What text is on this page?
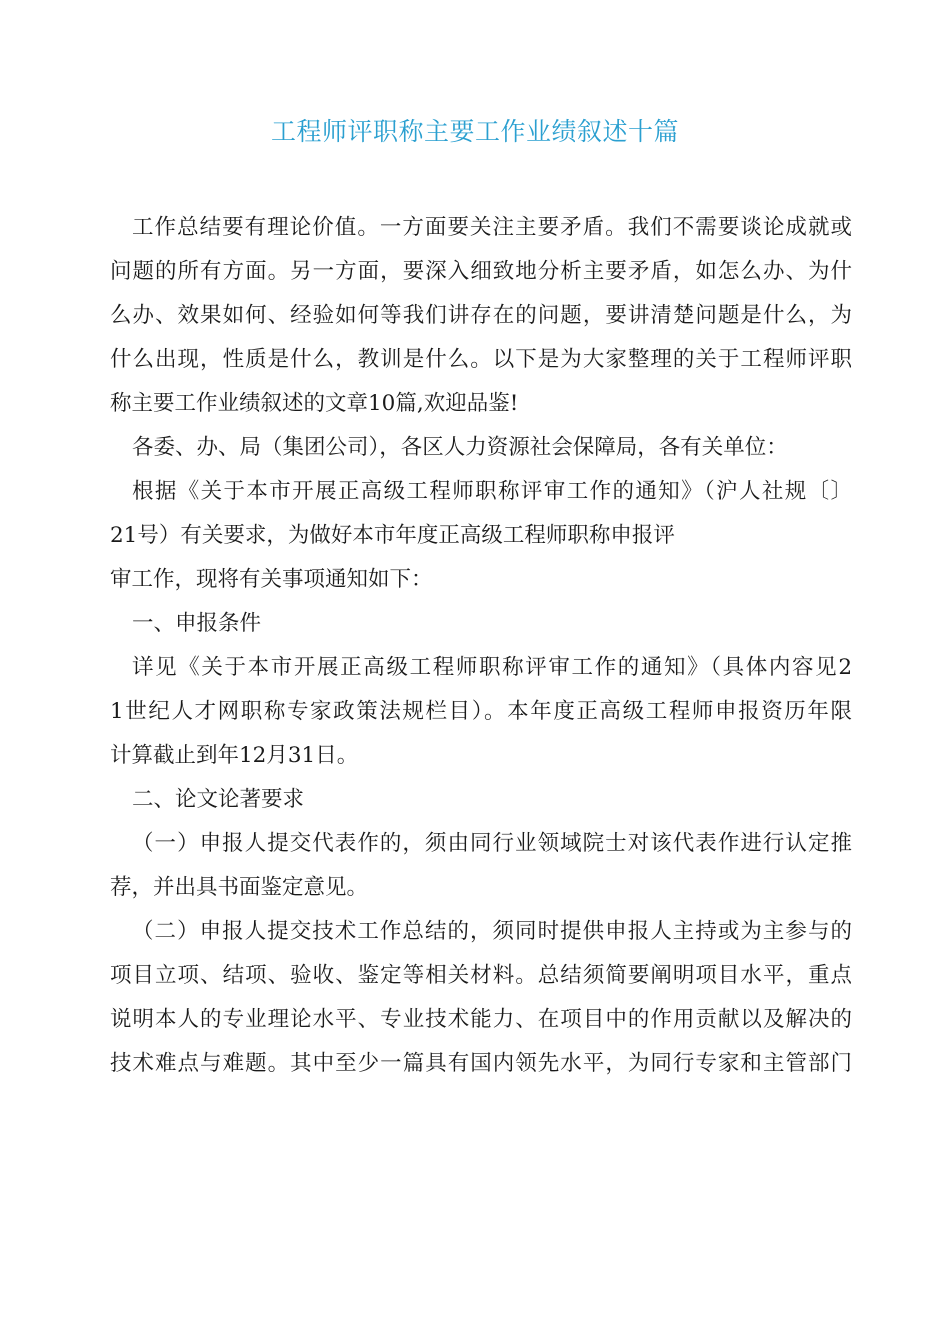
工程师评职称主要工作业绩叙述十篇
工作总结要有理论价值。一方面要关注主要矛盾。我们不需要谈论成就或
问题的所有方面。另一方面，要深入细致地分析主要矛盾，如怎么办、为什
么办、效果如何、经验如何等我们讲存在的问题，要讲清楚问题是什么，为
什么出现，性质是什么，教训是什么。以下是为大家整理的关于工程师评职
称主要工作业绩叙述的文章10篇,欢迎品鉴!
各委、办、局（集团公司），各区人力资源社会保障局，各有关单位：
根据《关于本市开展正高级工程师职称评审工作的通知》（沪人社规〔〕
21号）有关要求，为做好本市年度正高级工程师职称申报评
审工作，现将有关事项通知如下：
一、申报条件
详见《关于本市开展正高级工程师职称评审工作的通知》（具体内容见2
1世纪人才网职称专家政策法规栏目）。本年度正高级工程师申报资历年限
计算截止到年12月31日。
二、论文论著要求
（一）申报人提交代表作的，须由同行业领域院士对该代表作进行认定推
荐，并出具书面鉴定意见。
（二）申报人提交技术工作总结的，须同时提供申报人主持或为主参与的
项目立项、结项、验收、鉴定等相关材料。总结须简要阐明项目水平，重点
说明本人的专业理论水平、专业技术能力、在项目中的作用贡献以及解决的
技术难点与难题。其中至少一篇具有国内领先水平，为同行专家和主管部门
